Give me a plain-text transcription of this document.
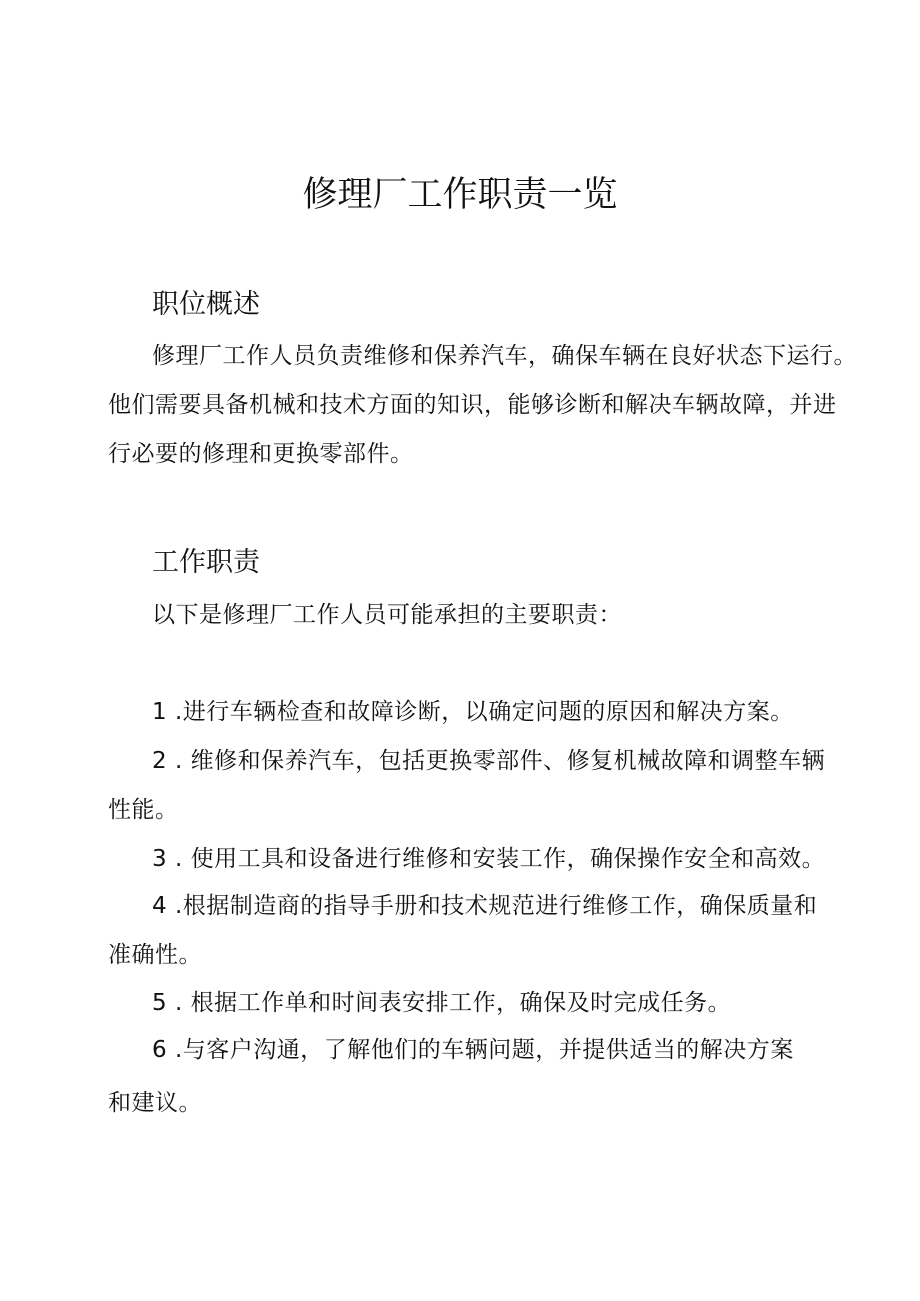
修理厂工作职责一览
职位概述

修理厂工作人员负责维修和保养汽车，确保车辆在良好状态下运行。

他们需要具备机械和技术方面的知识，能够诊断和解决车辆故障，并进

行必要的修理和更换零部件。

工作职责

以下是修理厂工作人员可能承担的主要职责：

1 .进行车辆检查和故障诊断，以确定问题的原因和解决方案。

2 . 维修和保养汽车，包括更换零部件、修复机械故障和调整车辆

性能。

3 . 使用工具和设备进行维修和安装工作，确保操作安全和高效。

4 .根据制造商的指导手册和技术规范进行维修工作，确保质量和

准确性。

5 . 根据工作单和时间表安排工作，确保及时完成任务。

6 .与客户沟通，了解他们的车辆问题，并提供适当的解决方案

和建议。
